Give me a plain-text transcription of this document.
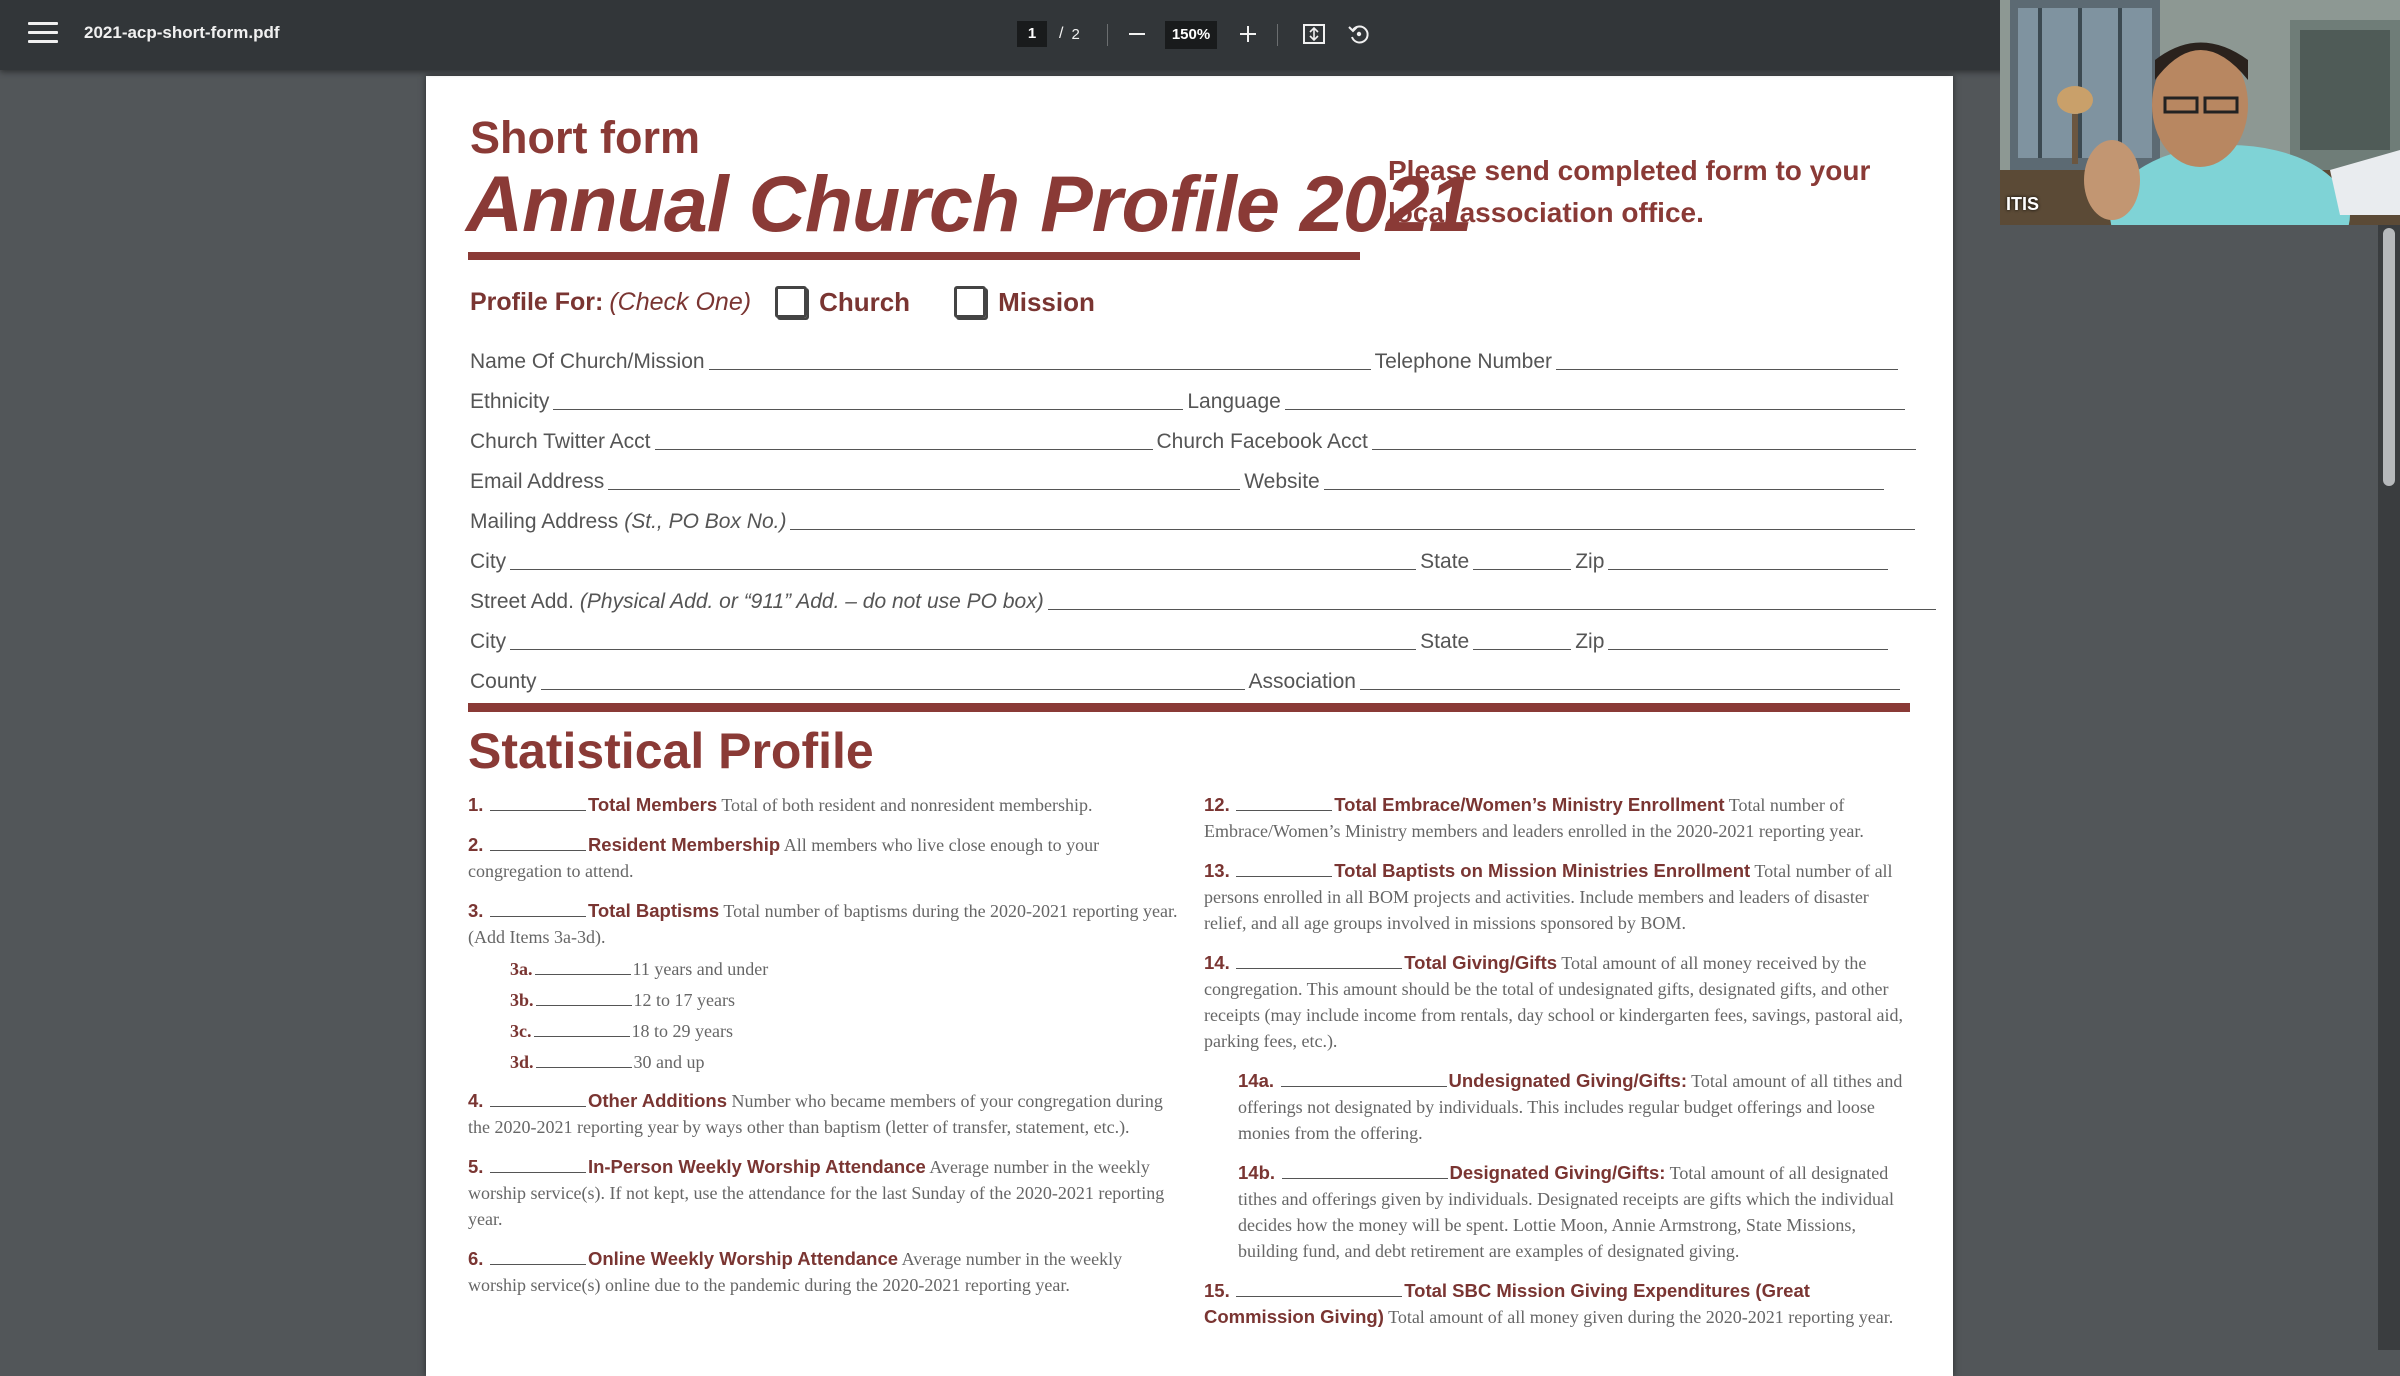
2021-acp-short-form.pdf	1	/ 2	150%
ITIS
Short form
Annual Church Profile 2021
Please send completed form to your local association office.
Profile For: (Check One)	Church	Mission
Name Of Church/Mission	Telephone Number
Ethnicity	Language
Church Twitter Acct	Church Facebook Acct
Email Address	Website
Mailing Address (St., PO Box No.)
City	State	Zip
Street Add. (Physical Add. or “911” Add. – do not use PO box)
City	State	Zip
County	Association
Statistical Profile
1.	Total Members Total of both resident and nonresident membership.
2.	Resident Membership All members who live close enough to your congregation to attend.
3.	Total Baptisms Total number of baptisms during the 2020-2021 reporting year. (Add Items 3a-3d).
3a.	11 years and under
3b.	12 to 17 years
3c.	18 to 29 years
3d.	30 and up
4.	Other Additions Number who became members of your congregation during the 2020-2021 reporting year by ways other than baptism (letter of transfer, statement, etc.).
5.	In-Person Weekly Worship Attendance Average number in the weekly worship service(s). If not kept, use the attendance for the last Sunday of the 2020-2021 reporting year.
6.	Online Weekly Worship Attendance Average number in the weekly worship service(s) online due to the pandemic during the 2020-2021 reporting year.
12.	Total Embrace/Women’s Ministry Enrollment Total number of Embrace/Women’s Ministry members and leaders enrolled in the 2020-2021 reporting year.
13.	Total Baptists on Mission Ministries Enrollment Total number of all persons enrolled in all BOM projects and activities. Include members and leaders of disaster relief, and all age groups involved in missions sponsored by BOM.
14.	Total Giving/Gifts Total amount of all money received by the congregation. This amount should be the total of undesignated gifts, designated gifts, and other receipts (may include income from rentals, day school or kindergarten fees, savings, pastoral aid, parking fees, etc.).
14a.	Undesignated Giving/Gifts: Total amount of all tithes and offerings not designated by individuals. This includes regular budget offerings and loose monies from the offering.
14b.	Designated Giving/Gifts: Total amount of all designated tithes and offerings given by individuals. Designated receipts are gifts which the individual decides how the money will be spent. Lottie Moon, Annie Armstrong, State Missions, building fund, and debt retirement are examples of designated giving.
15.	Total SBC Mission Giving Expenditures (Great Commission Giving) Total amount of all money given during the 2020-2021 reporting year.
